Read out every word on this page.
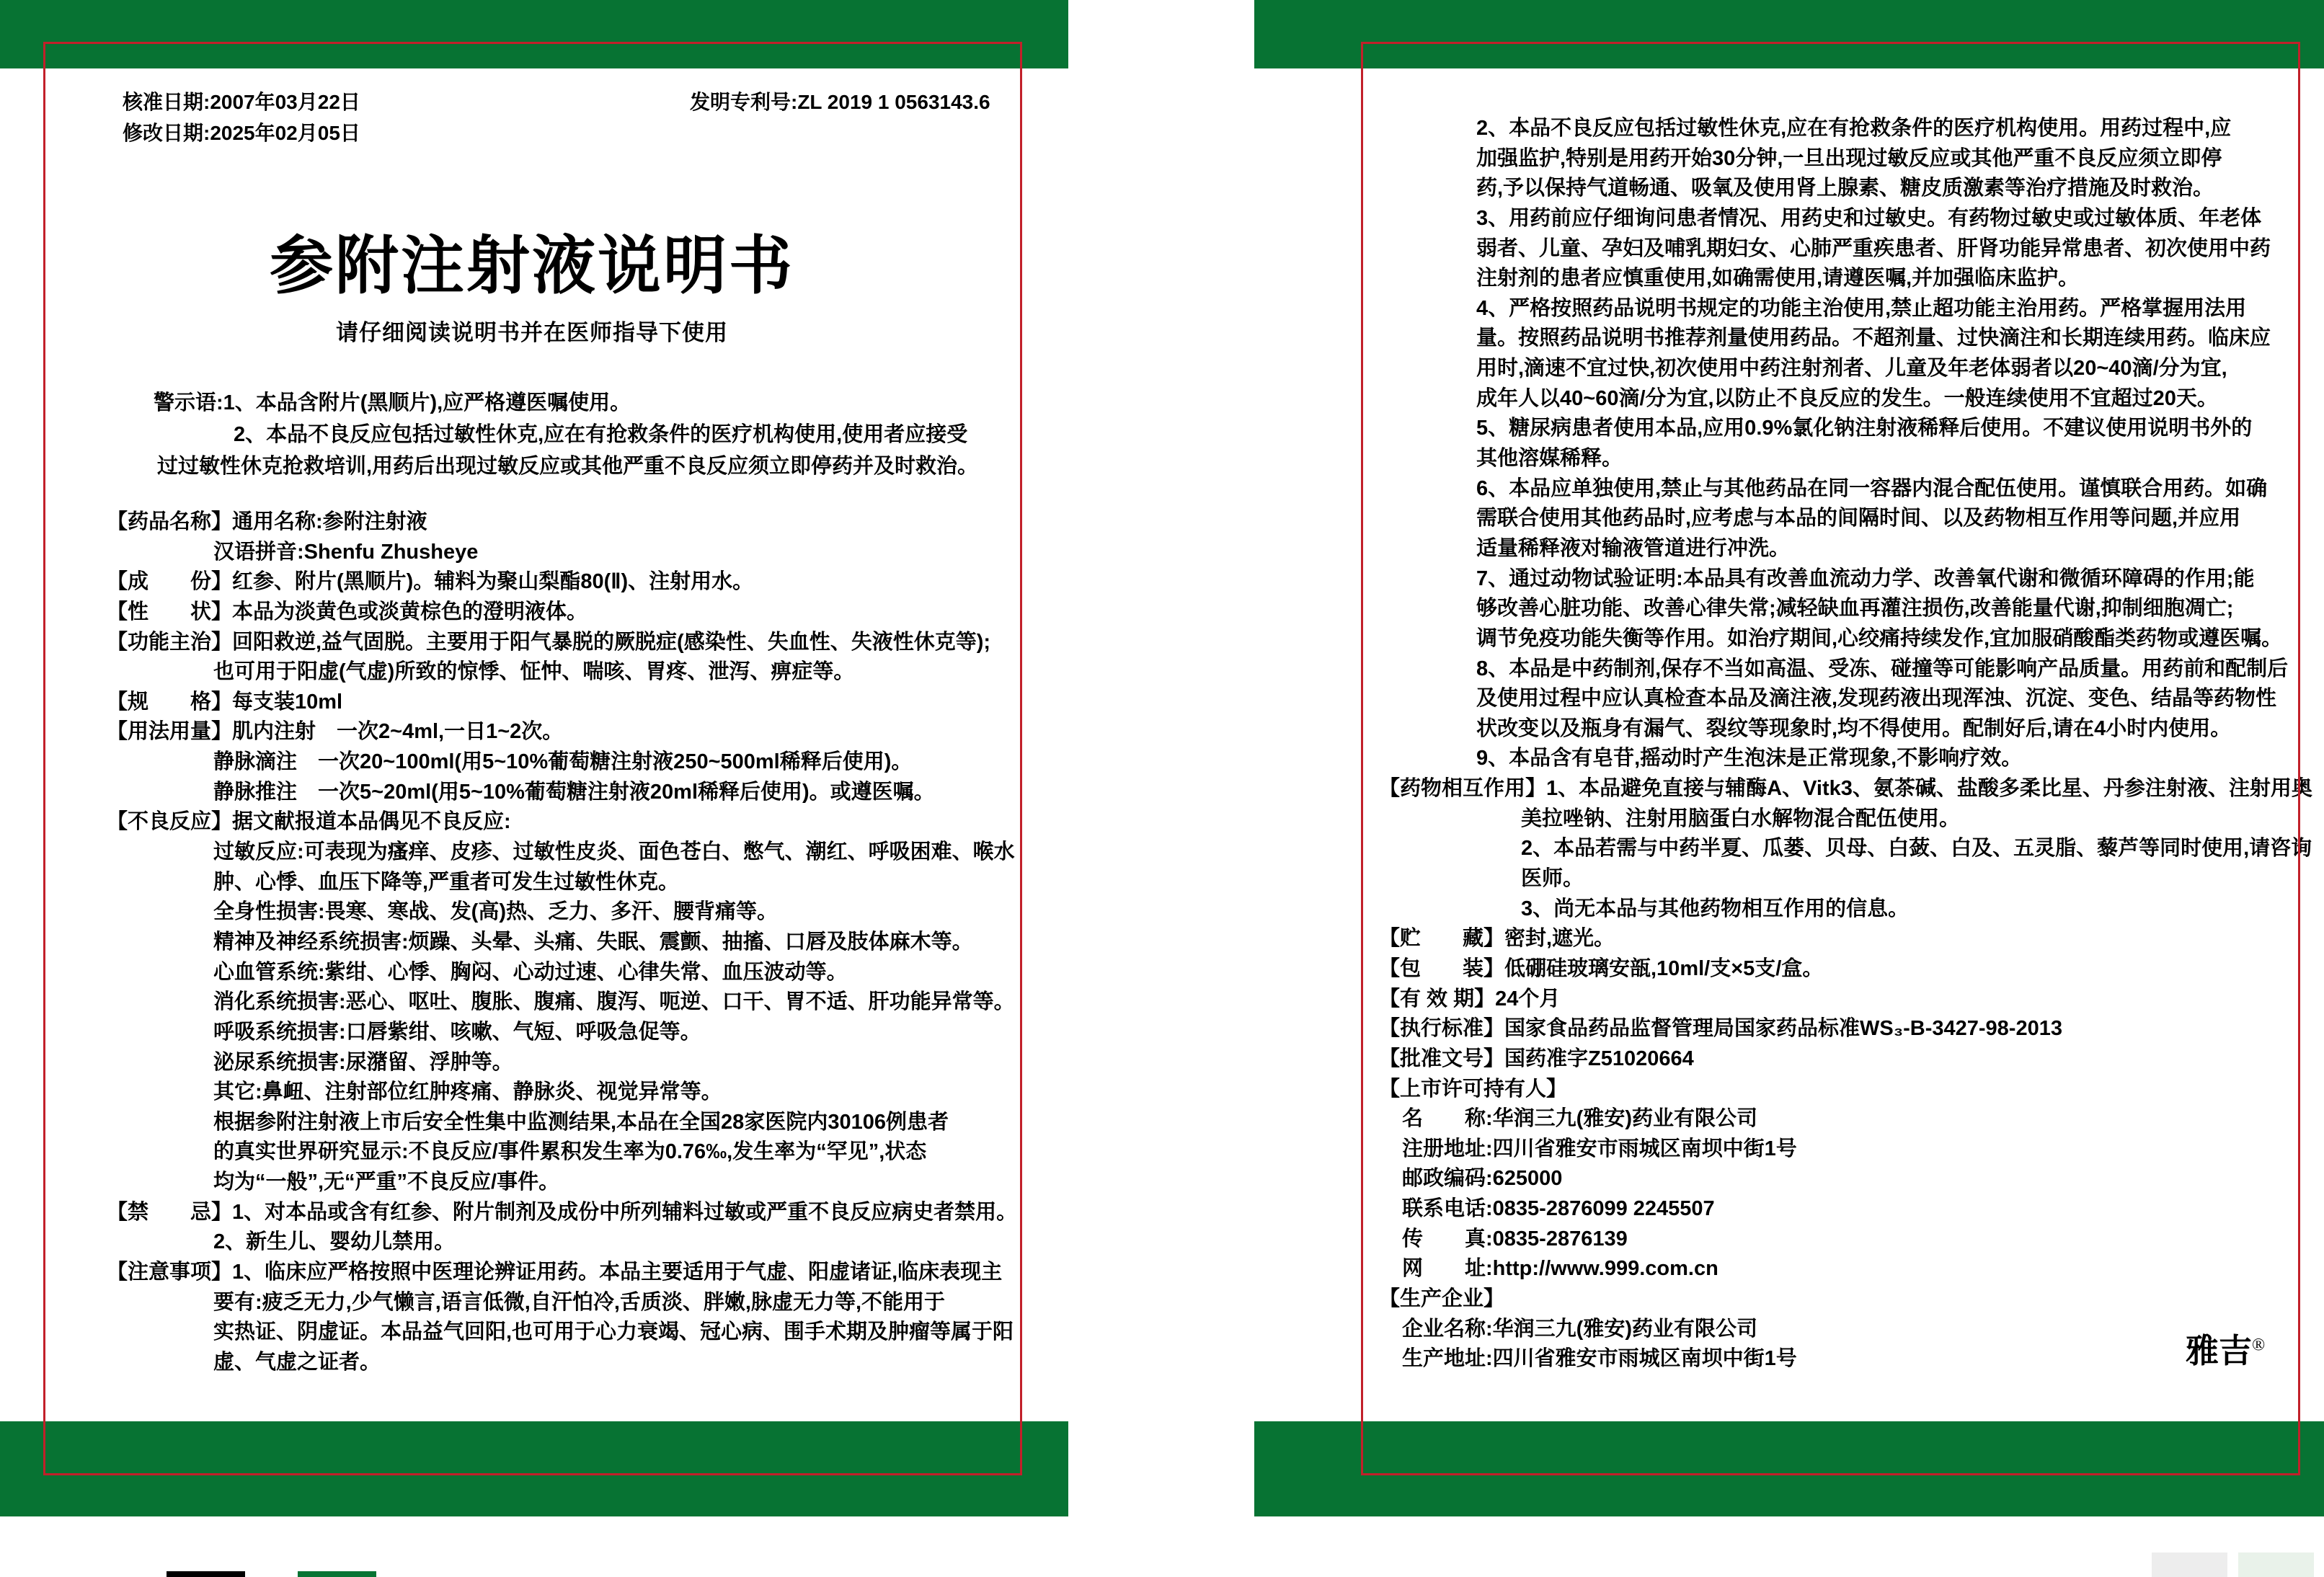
核准日期:2007年03月22日
修改日期:2025年02月05日
发明专利号:ZL 2019 1 0563143.6
参附注射液说明书
请仔细阅读说明书并在医师指导下使用
警示语:1、本品含附片(黑顺片),应严格遵医嘱使用。
2、本品不良反应包括过敏性休克,应在有抢救条件的医疗机构使用,使用者应接受
过过敏性休克抢救培训,用药后出现过敏反应或其他严重不良反应须立即停药并及时救治。
【药品名称】通用名称:参附注射液
汉语拼音:Shenfu Zhusheye
【成　　份】红参、附片(黑顺片)。辅料为聚山梨酯80(Ⅱ)、注射用水。
【性　　状】本品为淡黄色或淡黄棕色的澄明液体。
【功能主治】回阳救逆,益气固脱。主要用于阳气暴脱的厥脱症(感染性、失血性、失液性休克等);
也可用于阳虚(气虚)所致的惊悸、怔忡、喘咳、胃疼、泄泻、痹症等。
【规　　格】每支装10ml
【用法用量】肌内注射　一次2~4ml,一日1~2次。
静脉滴注　一次20~100ml(用5~10%葡萄糖注射液250~500ml稀释后使用)。
静脉推注　一次5~20ml(用5~10%葡萄糖注射液20ml稀释后使用)。或遵医嘱。
【不良反应】据文献报道本品偶见不良反应:
过敏反应:可表现为瘙痒、皮疹、过敏性皮炎、面色苍白、憋气、潮红、呼吸困难、喉水
肿、心悸、血压下降等,严重者可发生过敏性休克。
全身性损害:畏寒、寒战、发(高)热、乏力、多汗、腰背痛等。
精神及神经系统损害:烦躁、头晕、头痛、失眠、震颤、抽搐、口唇及肢体麻木等。
心血管系统:紫绀、心悸、胸闷、心动过速、心律失常、血压波动等。
消化系统损害:恶心、呕吐、腹胀、腹痛、腹泻、呃逆、口干、胃不适、肝功能异常等。
呼吸系统损害:口唇紫绀、咳嗽、气短、呼吸急促等。
泌尿系统损害:尿潴留、浮肿等。
其它:鼻衄、注射部位红肿疼痛、静脉炎、视觉异常等。
根据参附注射液上市后安全性集中监测结果,本品在全国28家医院内30106例患者
的真实世界研究显示:不良反应/事件累积发生率为0.76‰,发生率为“罕见”,状态
均为“一般”,无“严重”不良反应/事件。
【禁　　忌】1、对本品或含有红参、附片制剂及成份中所列辅料过敏或严重不良反应病史者禁用。
2、新生儿、婴幼儿禁用。
【注意事项】1、临床应严格按照中医理论辨证用药。本品主要适用于气虚、阳虚诸证,临床表现主
要有:疲乏无力,少气懒言,语言低微,自汗怕冷,舌质淡、胖嫩,脉虚无力等,不能用于
实热证、阴虚证。本品益气回阳,也可用于心力衰竭、冠心病、围手术期及肿瘤等属于阳
虚、气虚之证者。
2、本品不良反应包括过敏性休克,应在有抢救条件的医疗机构使用。用药过程中,应
加强监护,特别是用药开始30分钟,一旦出现过敏反应或其他严重不良反应须立即停
药,予以保持气道畅通、吸氧及使用肾上腺素、糖皮质激素等治疗措施及时救治。
3、用药前应仔细询问患者情况、用药史和过敏史。有药物过敏史或过敏体质、年老体
弱者、儿童、孕妇及哺乳期妇女、心肺严重疾患者、肝肾功能异常患者、初次使用中药
注射剂的患者应慎重使用,如确需使用,请遵医嘱,并加强临床监护。
4、严格按照药品说明书规定的功能主治使用,禁止超功能主治用药。严格掌握用法用
量。按照药品说明书推荐剂量使用药品。不超剂量、过快滴注和长期连续用药。临床应
用时,滴速不宜过快,初次使用中药注射剂者、儿童及年老体弱者以20~40滴/分为宜,
成年人以40~60滴/分为宜,以防止不良反应的发生。一般连续使用不宜超过20天。
5、糖尿病患者使用本品,应用0.9%氯化钠注射液稀释后使用。不建议使用说明书外的
其他溶媒稀释。
6、本品应单独使用,禁止与其他药品在同一容器内混合配伍使用。谨慎联合用药。如确
需联合使用其他药品时,应考虑与本品的间隔时间、以及药物相互作用等问题,并应用
适量稀释液对输液管道进行冲洗。
7、通过动物试验证明:本品具有改善血流动力学、改善氧代谢和微循环障碍的作用;能
够改善心脏功能、改善心律失常;减轻缺血再灌注损伤,改善能量代谢,抑制细胞凋亡;
调节免疫功能失衡等作用。如治疗期间,心绞痛持续发作,宜加服硝酸酯类药物或遵医嘱。
8、本品是中药制剂,保存不当如高温、受冻、碰撞等可能影响产品质量。用药前和配制后
及使用过程中应认真检查本品及滴注液,发现药液出现浑浊、沉淀、变色、结晶等药物性
状改变以及瓶身有漏气、裂纹等现象时,均不得使用。配制好后,请在4小时内使用。
9、本品含有皂苷,摇动时产生泡沫是正常现象,不影响疗效。
【药物相互作用】1、本品避免直接与辅酶A、Vitk3、氨茶碱、盐酸多柔比星、丹参注射液、注射用奥
美拉唑钠、注射用脑蛋白水解物混合配伍使用。
2、本品若需与中药半夏、瓜蒌、贝母、白蔹、白及、五灵脂、藜芦等同时使用,请咨询
医师。
3、尚无本品与其他药物相互作用的信息。
【贮　　藏】密封,遮光。
【包　　装】低硼硅玻璃安瓿,10ml/支×5支/盒。
【有 效 期】24个月
【执行标准】国家食品药品监督管理局国家药品标准WS₃-B-3427-98-2013
【批准文号】国药准字Z51020664
【上市许可持有人】
名　　称:华润三九(雅安)药业有限公司
注册地址:四川省雅安市雨城区南坝中街1号
邮政编码:625000
联系电话:0835-2876099 2245507
传　　真:0835-2876139
网　　址:http://www.999.com.cn
【生产企业】
企业名称:华润三九(雅安)药业有限公司
生产地址:四川省雅安市雨城区南坝中街1号	雅吉®
